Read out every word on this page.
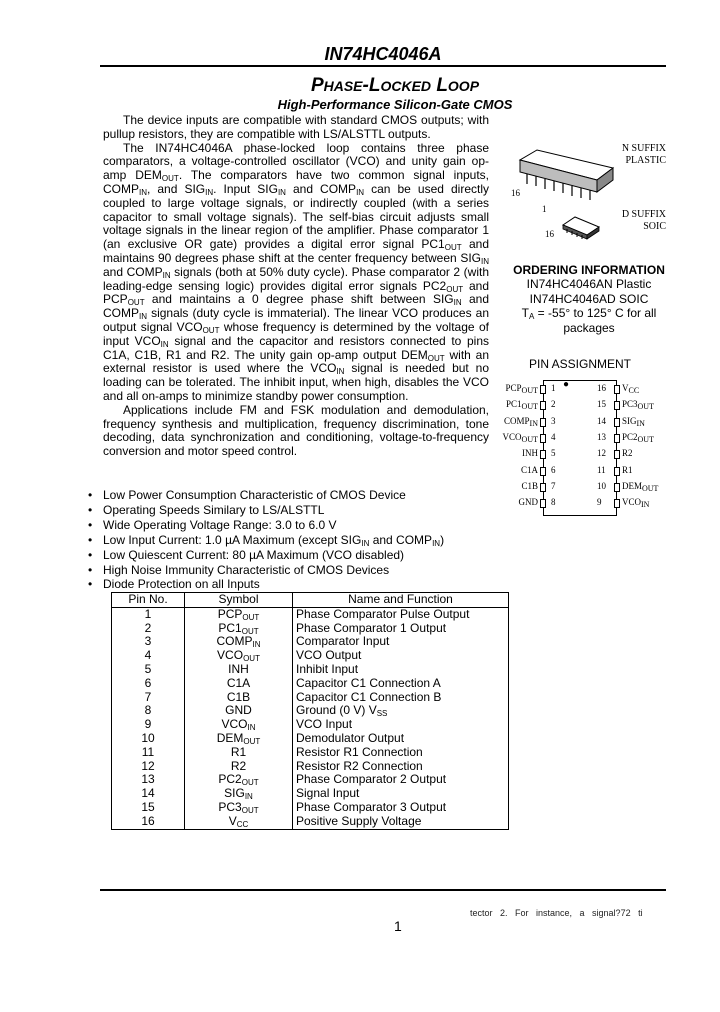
IN74HC4046A
PHASE-LOCKED LOOP
High-Performance Silicon-Gate CMOS

The device inputs are compatible with standard CMOS outputs; with pullup resistors, they are compatible with LS/ALSTTL outputs.

The IN74HC4046A phase-locked loop contains three phase comparators, a voltage-controlled oscillator (VCO) and unity gain op-amp $DEM_{OUT}$. The comparators have two common signal inputs, $COMP_{IN}$, and $SIG_{IN}$. Input $SIG_{IN}$ and $COMP_{IN}$ can be used directly coupled to large voltage signals, or indirectly coupled (with a series capacitor to small voltage signals). The self-bias circuit adjusts small voltage signals in the linear region of the amplifier. Phase comparator 1 (an exclusive OR gate) provides a digital error signal $PC1_{OUT}$ and maintains 90 degrees phase shift at the center frequency between $SIG_{IN}$ and $COMP_{IN}$ signals (both at 50% duty cycle). Phase comparator 2 (with leading-edge sensing logic) provides digital error signals $PC2_{OUT}$ and $PCP_{OUT}$ and maintains a 0 degree phase shift between $SIG_{IN}$ and $COMP_{IN}$ signals (duty cycle is immaterial). The linear VCO produces an output signal $VCO_{OUT}$ whose frequency is determined by the voltage of input $VCO_{IN}$ signal and the capacitor and resistors connected to pins C1A, C1B, R1 and R2. The unity gain op-amp output $DEM_{OUT}$ with an external resistor is used where the $VCO_{IN}$ signal is needed but no loading can be tolerated. The inhibit input, when high, disables the VCO and all on-amps to minimize standby power consumption.

Applications include FM and FSK modulation and demodulation, frequency synthesis and multiplication, frequency discrimination, tone decoding, data synchronization and conditioning, voltage-to-frequency conversion and motor speed control.

• Low Power Consumption Characteristic of CMOS Device
• Operating Speeds Similary to LS/ALSTTL
• Wide Operating Voltage Range: 3.0 to 6.0 V
• Low Input Current: 1.0 µA Maximum (except $SIG_{IN}$ and $COMP_{IN}$)
• Low Quiescent Current: 80 µA Maximum (VCO disabled)
• High Noise Immunity Characteristic of CMOS Devices
• Diode Protection on all Inputs
Pin No.	Symbol	Name and Function
1	$PCP_{OUT}$	Phase Comparator Pulse Output
2	$PC1_{OUT}$	Phase Comparator 1 Output
3	$COMP_{IN}$	Comparator Input
4	$VCO_{OUT}$	VCO Output
5	INH	Inhibit Input
6	C1A	Capacitor C1 Connection A
7	C1B	Capacitor C1 Connection B
8	GND	Ground (0 V) $V_{SS}$
9	$VCO_{IN}$	VCO Input
10	$DEM_{OUT}$	Demodulator Output
11	R1	Resistor R1 Connection
12	R2	Resistor R2 Connection
13	$PC2_{OUT}$	Phase Comparator 2 Output
14	$SIG_{IN}$	Signal Input
15	$PC3_{OUT}$	Phase Comparator 3 Output
16	$V_{CC}$	Positive Supply Voltage
N SUFFIX
PLASTIC
D SUFFIX
SOIC
16
1
16
ORDERING INFORMATION
IN74HC4046AN Plastic
IN74HC4046AD SOIC
$T_A = -55^\circ$ to 125° C for all
packages
PIN ASSIGNMENT
●
$PCP_{OUT}$ 1
$PC1_{OUT}$ 2
$COMP_{IN}$ 3
$VCO_{OUT}$ 4
INH 5
C1A 6
C1B 7
GND 8
16 $V_{CC}$
15 $PC3_{OUT}$
14 $SIG_{IN}$
13 $PC2_{OUT}$
12 R2
11 R1
10 $DEM_{OUT}$
9 $VCO_{IN}$
tector 2. For instance, a signal?72 ti
1
